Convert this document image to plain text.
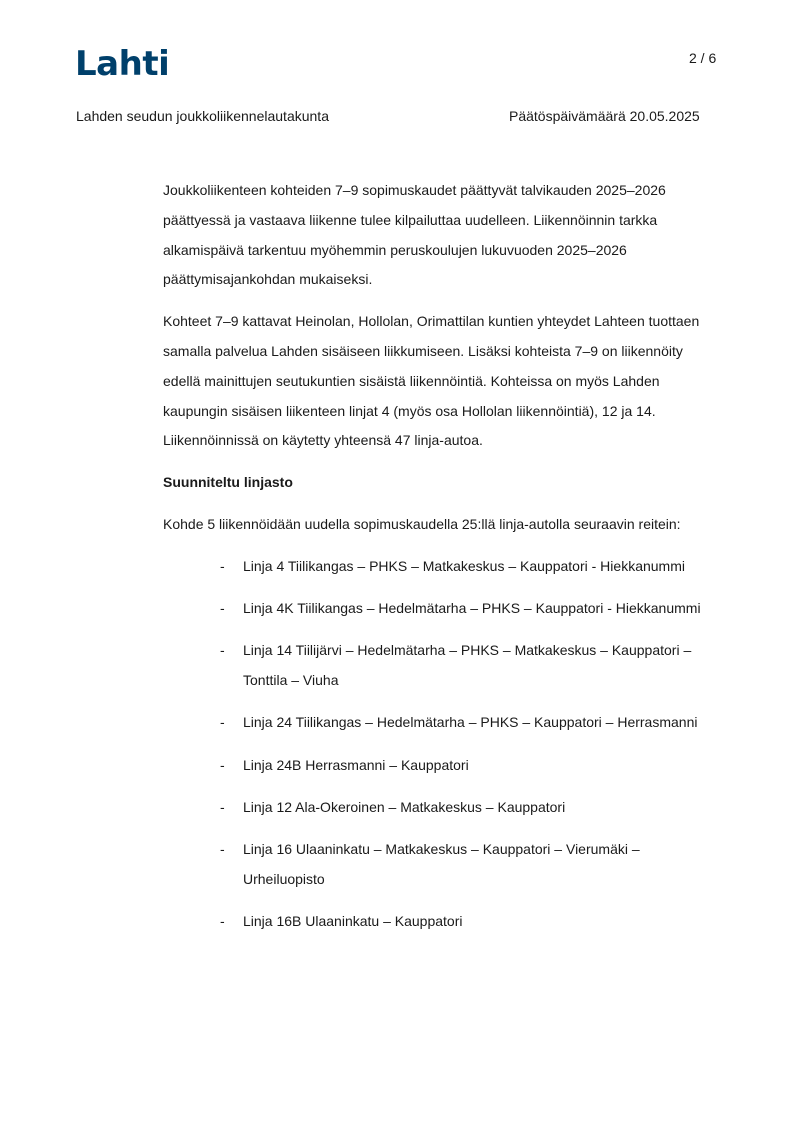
Lahti	2 / 6
Lahden seudun joukkoliikennelautakunta	Päätöspäivämäärä 20.05.2025

Joukkoliikenteen kohteiden 7–9 sopimuskaudet päättyvät talvikauden 2025–2026 päättyessä ja vastaava liikenne tulee kilpailuttaa uudelleen. Liikennöinnin tarkka alkamispäivä tarkentuu myöhemmin peruskoulujen lukuvuoden 2025–2026 päättymisajankohdan mukaiseksi.

Kohteet 7–9 kattavat Heinolan, Hollolan, Orimattilan kuntien yhteydet Lahteen tuottaen samalla palvelua Lahden sisäiseen liikkumiseen. Lisäksi kohteista 7–9 on liikennöity edellä mainittujen seutukuntien sisäistä liikennöintiä. Kohteissa on myös Lahden kaupungin sisäisen liikenteen linjat 4 (myös osa Hollolan liikennöintiä), 12 ja 14. Liikennöinnissä on käytetty yhteensä 47 linja-autoa.

Suunniteltu linjasto

Kohde 5 liikennöidään uudella sopimuskaudella 25:llä linja-autolla seuraavin reitein:

- Linja 4 Tiilikangas – PHKS – Matkakeskus – Kauppatori - Hiekkanummi
- Linja 4K Tiilikangas – Hedelmätarha – PHKS – Kauppatori - Hiekkanummi
- Linja 14 Tiilijärvi – Hedelmätarha – PHKS – Matkakeskus – Kauppatori – Tonttila – Viuha
- Linja 24 Tiilikangas – Hedelmätarha – PHKS – Kauppatori – Herrasmanni
- Linja 24B Herrasmanni – Kauppatori
- Linja 12 Ala-Okeroinen – Matkakeskus – Kauppatori
- Linja 16 Ulaaninkatu – Matkakeskus – Kauppatori – Vierumäki – Urheiluopisto
- Linja 16B Ulaaninkatu – Kauppatori
